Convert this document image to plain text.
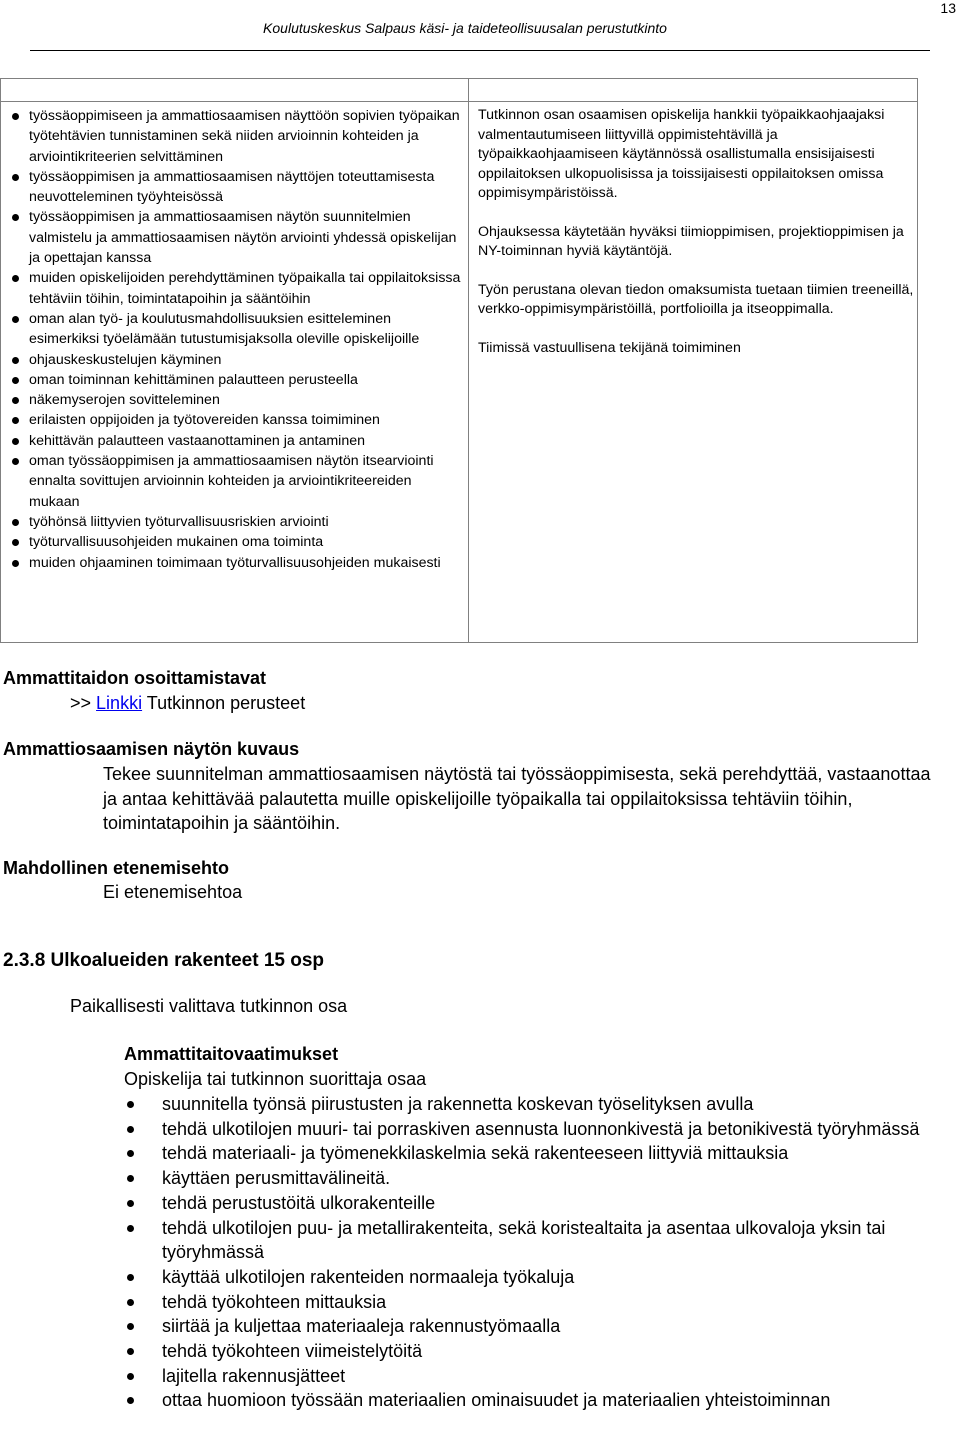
13
Koulutuskeskus Salpaus käsi- ja taideteollisuusalan perustutkinto
työssäoppimiseen ja ammattiosaamisen näyttöön sopivien työpaikan työtehtävien tunnistaminen sekä niiden arvioinnin kohteiden ja arviointikriteerien selvittäminen
työssäoppimisen ja ammattiosaamisen näyttöjen toteuttamisesta neuvotteleminen työyhteisössä
työssäoppimisen ja ammattiosaamisen näytön suunnitelmien valmistelu ja ammattiosaamisen näytön arviointi yhdessä opiskelijan ja opettajan kanssa
muiden opiskelijoiden perehdyttäminen työpaikalla tai oppilaitoksissa tehtäviin töihin, toimintatapoihin ja sääntöihin
oman alan työ- ja koulutusmahdollisuuksien esitteleminen esimerkiksi työelämään tutustumisjaksolla oleville opiskelijoille
ohjauskeskustelujen käyminen
oman toiminnan kehittäminen palautteen perusteella
näkemyserojen sovitteleminen
erilaisten oppijoiden ja työtovereiden kanssa toimiminen
kehittävän palautteen vastaanottaminen ja antaminen
oman työssäoppimisen ja ammattiosaamisen näytön itsearviointi ennalta sovittujen arvioinnin kohteiden ja arviointikriteereiden mukaan
työhönsä liittyvien työturvallisuusriskien arviointi
työturvallisuusohjeiden mukainen oma toiminta
muiden ohjaaminen toimimaan työturvallisuusohjeiden mukaisesti

Tutkinnon osan osaamisen opiskelija hankkii työpaikkaohjaajaksi valmentautumiseen liittyvillä oppimistehtävillä ja työpaikkaohjaamiseen käytännössä osallistumalla ensisijaisesti oppilaitoksen ulkopuolisissa ja toissijaisesti oppilaitoksen omissa oppimisympäristöissä.

Ohjauksessa käytetään hyväksi tiimioppimisen, projektioppimisen ja NY-toiminnan hyviä käytäntöjä.

Työn perustana olevan tiedon omaksumista tuetaan tiimien treeneillä, verkko-oppimisympäristöillä, portfolioilla ja itseoppimalla.

Tiimissä vastuullisena tekijänä toimiminen

Ammattitaidon osoittamistavat
>> Linkki Tutkinnon perusteet
Ammattiosaamisen näytön kuvaus
Tekee suunnitelman ammattiosaamisen näytöstä tai työssäoppimisesta, sekä perehdyttää, vastaanottaa ja antaa kehittävää palautetta muille opiskelijoille työpaikalla tai oppilaitoksissa tehtäviin töihin, toimintatapoihin ja sääntöihin.
Mahdollinen etenemisehto
Ei etenemisehtoa
2.3.8 Ulkoalueiden rakenteet 15 osp
Paikallisesti valittava tutkinnon osa
Ammattitaitovaatimukset
Opiskelija tai tutkinnon suorittaja osaa
suunnitella työnsä piirustusten ja rakennetta koskevan työselityksen avulla
tehdä ulkotilojen muuri- tai porraskiven asennusta luonnonkivestä ja betonikivestä työryhmässä
tehdä materiaali- ja työmenekkilaskelmia sekä rakenteeseen liittyviä mittauksia
käyttäen perusmittavälineitä.
tehdä perustustöitä ulkorakenteille
tehdä ulkotilojen puu- ja metallirakenteita, sekä koristealtaita ja asentaa ulkovaloja yksin tai työryhmässä
käyttää ulkotilojen rakenteiden normaaleja työkaluja
tehdä työkohteen mittauksia
siirtää ja kuljettaa materiaaleja rakennustyömaalla
tehdä työkohteen viimeistelytöitä
lajitella rakennusjätteet
ottaa huomioon työssään materiaalien ominaisuudet ja materiaalien yhteistoiminnan
